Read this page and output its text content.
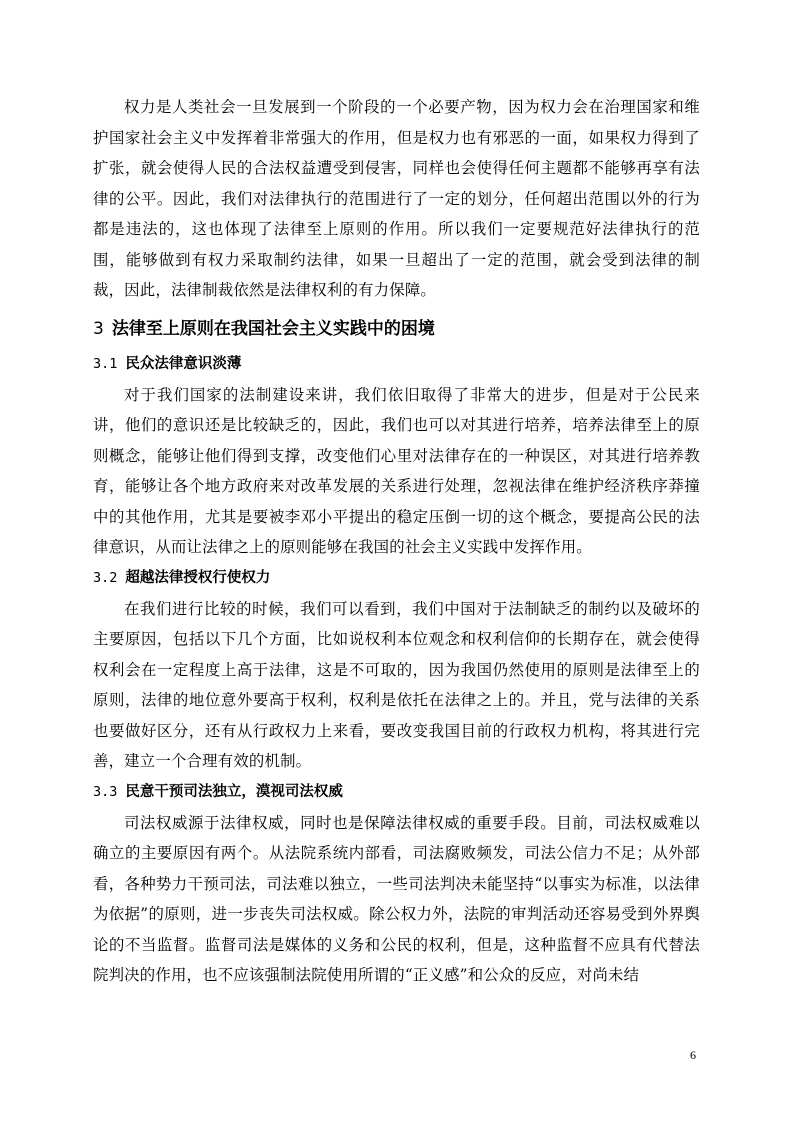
权力是人类社会一旦发展到一个阶段的一个必要产物，因为权力会在治理国家和维护国家社会主义中发挥着非常强大的作用，但是权力也有邪恶的一面，如果权力得到了扩张，就会使得人民的合法权益遭受到侵害，同样也会使得任何主题都不能够再享有法律的公平。因此，我们对法律执行的范围进行了一定的划分，任何超出范围以外的行为都是违法的，这也体现了法律至上原则的作用。所以我们一定要规范好法律执行的范围，能够做到有权力采取制约法律，如果一旦超出了一定的范围，就会受到法律的制裁，因此，法律制裁依然是法律权利的有力保障。

3 法律至上原则在我国社会主义实践中的困境
3.1 民众法律意识淡薄

对于我们国家的法制建设来讲，我们依旧取得了非常大的进步，但是对于公民来讲，他们的意识还是比较缺乏的，因此，我们也可以对其进行培养，培养法律至上的原则概念，能够让他们得到支撑，改变他们心里对法律存在的一种误区，对其进行培养教育，能够让各个地方政府来对改革发展的关系进行处理，忽视法律在维护经济秩序莽撞中的其他作用，尤其是要被李邓小平提出的稳定压倒一切的这个概念，要提高公民的法律意识，从而让法律之上的原则能够在我国的社会主义实践中发挥作用。

3.2 超越法律授权行使权力

在我们进行比较的时候，我们可以看到，我们中国对于法制缺乏的制约以及破坏的主要原因，包括以下几个方面，比如说权利本位观念和权利信仰的长期存在，就会使得权利会在一定程度上高于法律，这是不可取的，因为我国仍然使用的原则是法律至上的原则，法律的地位意外要高于权利，权利是依托在法律之上的。并且，党与法律的关系也要做好区分，还有从行政权力上来看，要改变我国目前的行政权力机构，将其进行完善，建立一个合理有效的机制。

3.3 民意干预司法独立，漠视司法权威

司法权威源于法律权威，同时也是保障法律权威的重要手段。目前，司法权威难以确立的主要原因有两个。从法院系统内部看，司法腐败频发，司法公信力不足；从外部看，各种势力干预司法，司法难以独立，一些司法判决未能坚持“以事实为标准，以法律为依据”的原则，进一步丧失司法权威。除公权力外，法院的审判活动还容易受到外界舆论的不当监督。监督司法是媒体的义务和公民的权利，但是，这种监督不应具有代替法院判决的作用，也不应该强制法院使用所谓的“正义感”和公众的反应，对尚未结

6
